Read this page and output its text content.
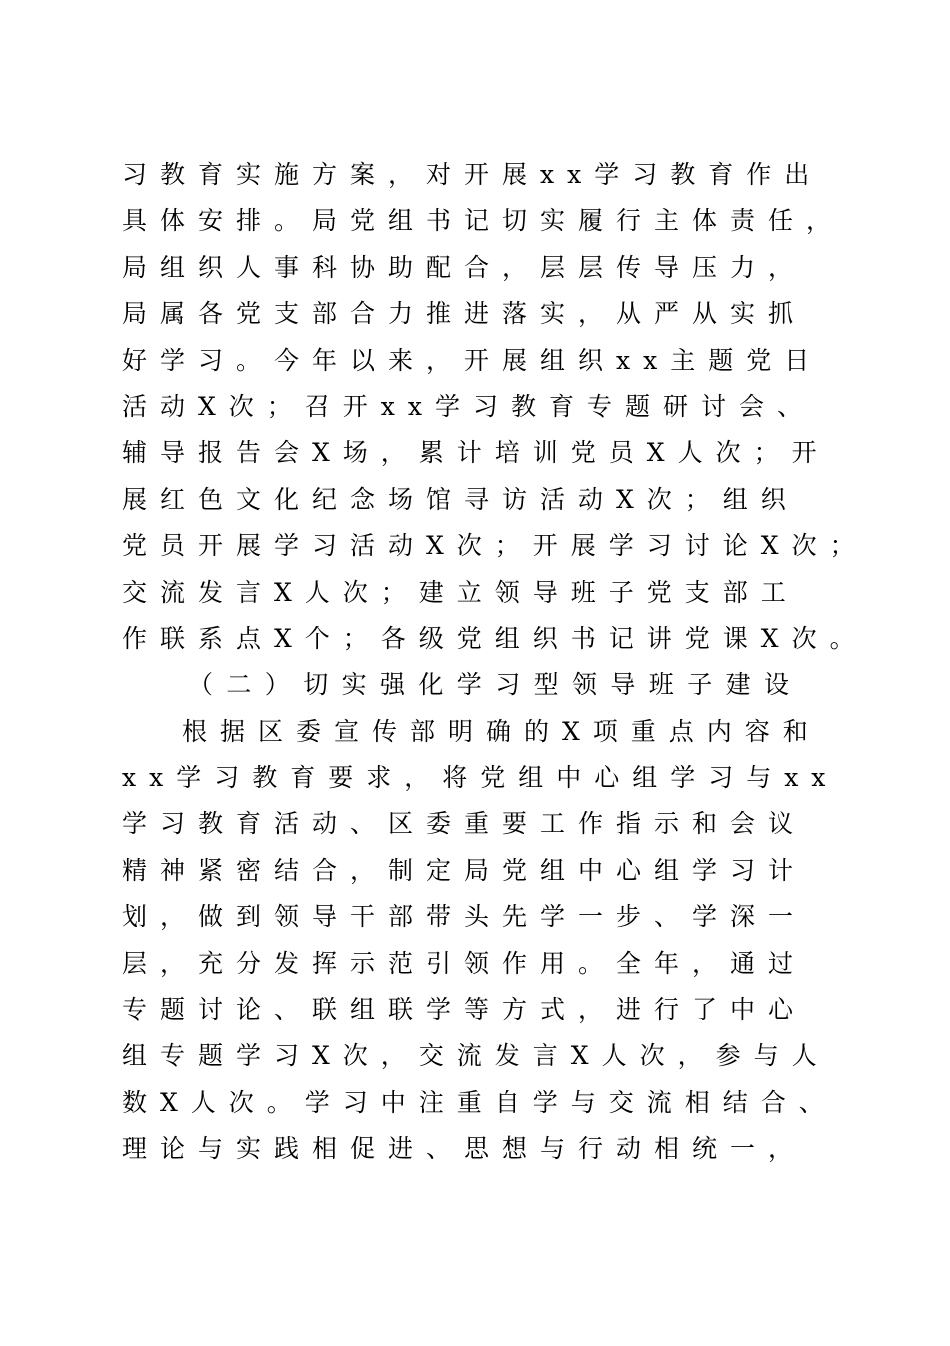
习教育实施方案，对开展xx学习教育作出
具体安排。局党组书记切实履行主体责任，
局组织人事科协助配合，层层传导压力，
局属各党支部合力推进落实，从严从实抓
好学习。今年以来，开展组织xx主题党日
活动X次；召开xx学习教育专题研讨会、
辅导报告会X场，累计培训党员X人次；开
展红色文化纪念场馆寻访活动X次；组织
党员开展学习活动X次；开展学习讨论X次；
交流发言X人次；建立领导班子党支部工
作联系点X个；各级党组织书记讲党课X次。
（二）切实强化学习型领导班子建设
根据区委宣传部明确的X项重点内容和
xx学习教育要求，将党组中心组学习与xx
学习教育活动、区委重要工作指示和会议
精神紧密结合，制定局党组中心组学习计
划，做到领导干部带头先学一步、学深一
层，充分发挥示范引领作用。全年，通过
专题讨论、联组联学等方式，进行了中心
组专题学习X次，交流发言X人次，参与人
数X人次。学习中注重自学与交流相结合、
理论与实践相促进、思想与行动相统一，
